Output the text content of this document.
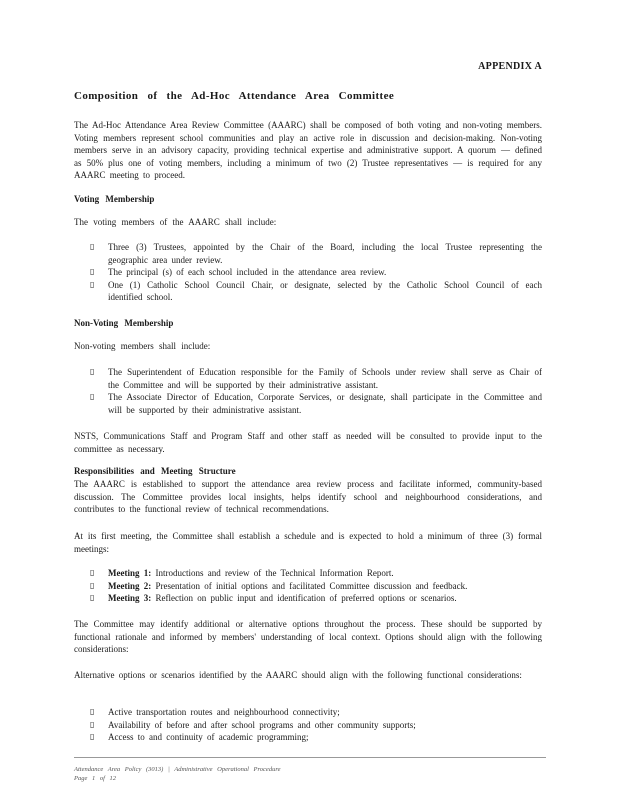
APPENDIX A
Composition of the Ad-Hoc Attendance Area Committee
The Ad-Hoc Attendance Area Review Committee (AAARC) shall be composed of both voting and non-voting members. Voting members represent school communities and play an active role in discussion and decision-making. Non-voting members serve in an advisory capacity, providing technical expertise and administrative support. A quorum — defined as 50% plus one of voting members, including a minimum of two (2) Trustee representatives — is required for any AAARC meeting to proceed.
Voting Membership
The voting members of the AAARC shall include:
▯ Three (3) Trustees, appointed by the Chair of the Board, including the local Trustee representing the geographic area under review.
▯ The principal (s) of each school included in the attendance area review.
▯ One (1) Catholic School Council Chair, or designate, selected by the Catholic School Council of each identified school.
Non-Voting Membership
Non-voting members shall include:
▯ The Superintendent of Education responsible for the Family of Schools under review shall serve as Chair of the Committee and will be supported by their administrative assistant.
▯ The Associate Director of Education, Corporate Services, or designate, shall participate in the Committee and will be supported by their administrative assistant.
NSTS, Communications Staff and Program Staff and other staff as needed will be consulted to provide input to the committee as necessary.
Responsibilities and Meeting Structure
The AAARC is established to support the attendance area review process and facilitate informed, community-based discussion. The Committee provides local insights, helps identify school and neighbourhood considerations, and contributes to the functional review of technical recommendations.
At its first meeting, the Committee shall establish a schedule and is expected to hold a minimum of three (3) formal meetings:
▯ Meeting 1: Introductions and review of the Technical Information Report.
▯ Meeting 2: Presentation of initial options and facilitated Committee discussion and feedback.
▯ Meeting 3: Reflection on public input and identification of preferred options or scenarios.
The Committee may identify additional or alternative options throughout the process. These should be supported by functional rationale and informed by members' understanding of local context. Options should align with the following considerations:
Alternative options or scenarios identified by the AAARC should align with the following functional considerations:
▯ Active transportation routes and neighbourhood connectivity;
▯ Availability of before and after school programs and other community supports;
▯ Access to and continuity of academic programming;
Attendance Area Policy (3013) | Administrative Operational Procedure
Page 1 of 12
